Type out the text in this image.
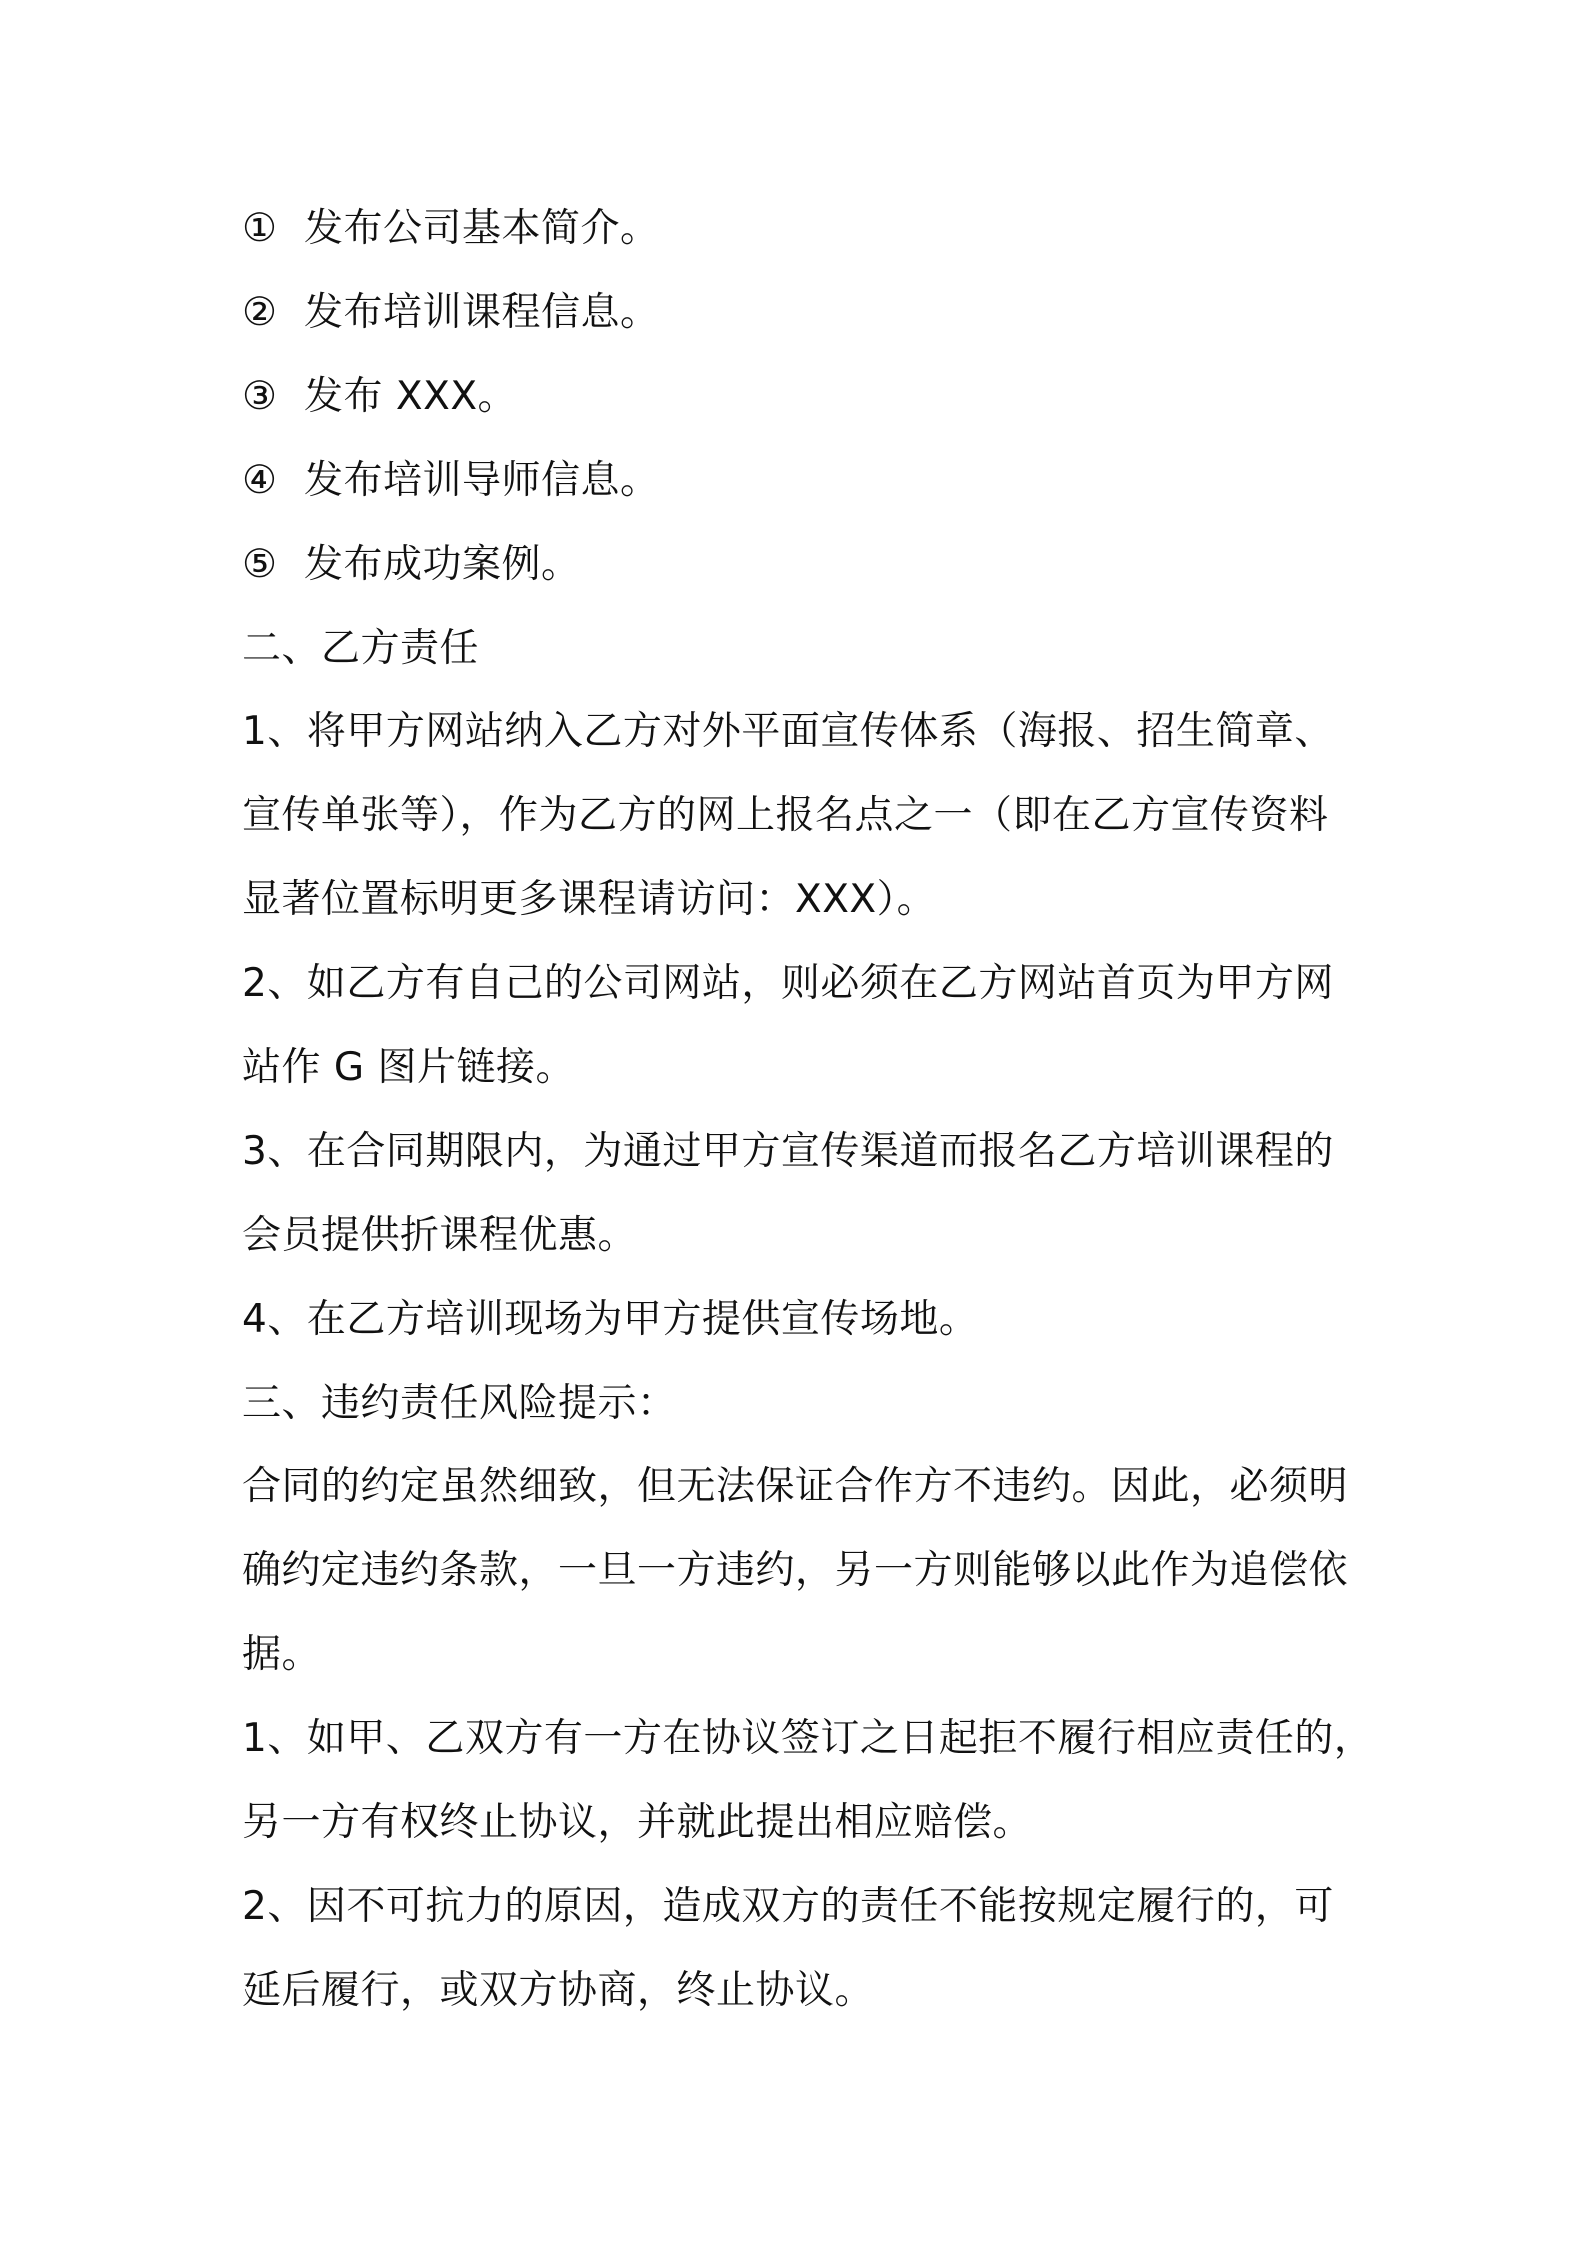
① 发布公司基本简介。
② 发布培训课程信息。
③ 发布 XXX。
④ 发布培训导师信息。
⑤ 发布成功案例。
二、乙方责任
1、将甲方网站纳入乙方对外平面宣传体系（海报、招生简章、
宣传单张等），作为乙方的网上报名点之一（即在乙方宣传资料
显著位置标明更多课程请访问：XXX）。
2、如乙方有自己的公司网站，则必须在乙方网站首页为甲方网
站作 G 图片链接。
3、在合同期限内，为通过甲方宣传渠道而报名乙方培训课程的
会员提供折课程优惠。
4、在乙方培训现场为甲方提供宣传场地。
三、违约责任风险提示：
合同的约定虽然细致，但无法保证合作方不违约。因此，必须明
确约定违约条款，一旦一方违约，另一方则能够以此作为追偿依
据。
1、如甲、乙双方有一方在协议签订之日起拒不履行相应责任的，
另一方有权终止协议，并就此提出相应赔偿。
2、因不可抗力的原因，造成双方的责任不能按规定履行的，可
延后履行，或双方协商，终止协议。
